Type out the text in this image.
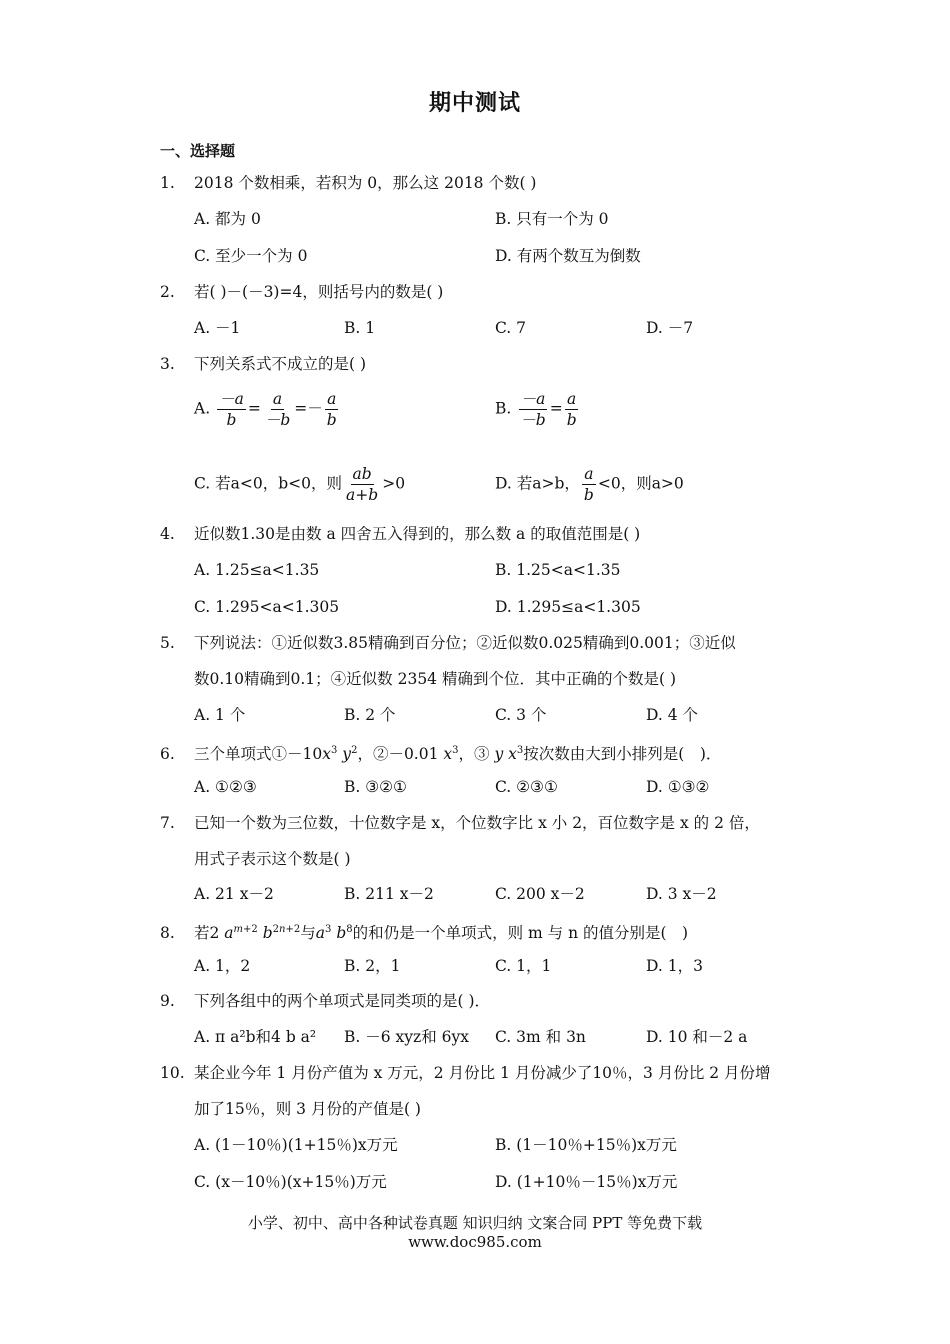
期中测试
一、选择题
1. 2018 个数相乘，若积为 0，那么这 2018 个数( )
A. 都为 0	B. 只有一个为 0
C. 至少一个为 0	D. 有两个数互为倒数
2. 若( )－(－3)=4，则括号内的数是( )
A. －1	B. 1	C. 7	D. －7
3. 下列关系式不成立的是( )
A. $\frac{-a}{b} = \frac{a}{-b} =- \frac{a}{b}$	B. $\frac{-a}{-b} = \frac{a}{b}$
C. 若a<0，b<0，则 $\frac{ab}{a+b} >0$	D. 若a>b， $\frac{a}{b} <0$，则a>0
4. 近似数1.30是由数 a 四舍五入得到的，那么数 a 的取值范围是( )
A. 1.25≤a<1.35	B. 1.25<a<1.35
C. 1.295<a<1.305	D. 1.295≤a<1.305
5. 下列说法：①近似数3.85精确到百分位；②近似数0.025精确到0.001；③近似
数0.10精确到0.1；④近似数 2354 精确到个位．其中正确的个数是( )
A. 1 个	B. 2 个	C. 3 个	D. 4 个
6. 三个单项式$①-10x^3$ $y^2$，②－0.01 $x^3$，③ y $x^3$按次数由大到小排列是(　)．
A. ①②③	B. ③②①	C. ②③①	D. ①③②
7. 已知一个数为三位数，十位数字是 x，个位数字比 x 小 2，百位数字是 x 的 2 倍，
用式子表示这个数是( )
A. 21 x－2	B. 211 x－2	C. 200 x－2	D. 3 x－2
8. 若2 $a^{m+2}$ $b^{2n+2}$与$a^3$ $b^8$的和仍是一个单项式，则 m 与 n 的值分别是(　)
A. 1，2	B. 2，1	C. 1，1	D. 1，3
9. 下列各组中的两个单项式是同类项的是( )．
A. π a²b和4 b a² B. －6 xyz和 6yx C. 3m 和 3n	D. 10 和－2 a
10. 某企业今年 1 月份产值为 x 万元，2 月份比 1 月份减少了10％，3 月份比 2 月份增
加了15％，则 3 月份的产值是( )
A. (1－10％)(1+15％)x万元	B. (1－10％+15％)x万元
C. (x－10％)(x+15％)万元	D. (1+10％－15％)x万元
小学、初中、高中各种试卷真题 知识归纳 文案合同 PPT 等免费下载
www.doc985.com
